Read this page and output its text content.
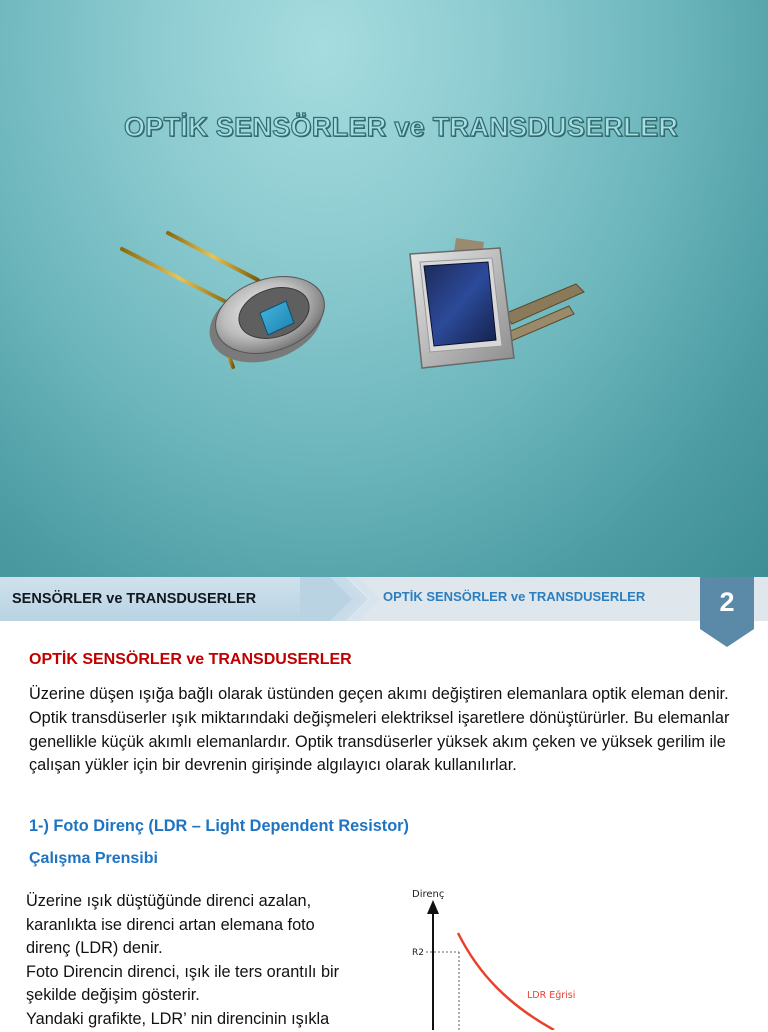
OPTİK SENSÖRLER ve TRANSDUSERLER
SENSÖRLER ve TRANSDUSERLER	OPTİK SENSÖRLER ve TRANSDUSERLER	2
OPTİK SENSÖRLER ve TRANSDUSERLER

Üzerine düşen ışığa bağlı olarak üstünden geçen akımı değiştiren elemanlara optik eleman denir. Optik transdüserler ışık miktarındaki değişmeleri elektriksel işaretlere dönüştürürler. Bu elemanlar genellikle küçük akımlı elemanlardır. Optik transdüserler yüksek akım çeken ve yüksek gerilim ile çalışan yükler için bir devrenin girişinde algılayıcı olarak kullanılırlar.

1-) Foto Direnç (LDR – Light Dependent Resistor)
Çalışma Prensibi

Üzerine ışık düştüğünde direnci azalan,
karanlıkta ise direnci artan elemana foto
direnç (LDR) denir.
Foto Direncin direnci, ışık ile ters orantılı bir
şekilde değişim gösterir.
Yandaki grafikte, LDR’ nin direncinin ışıkla

Direnç
R2
LDR Eğrisi
